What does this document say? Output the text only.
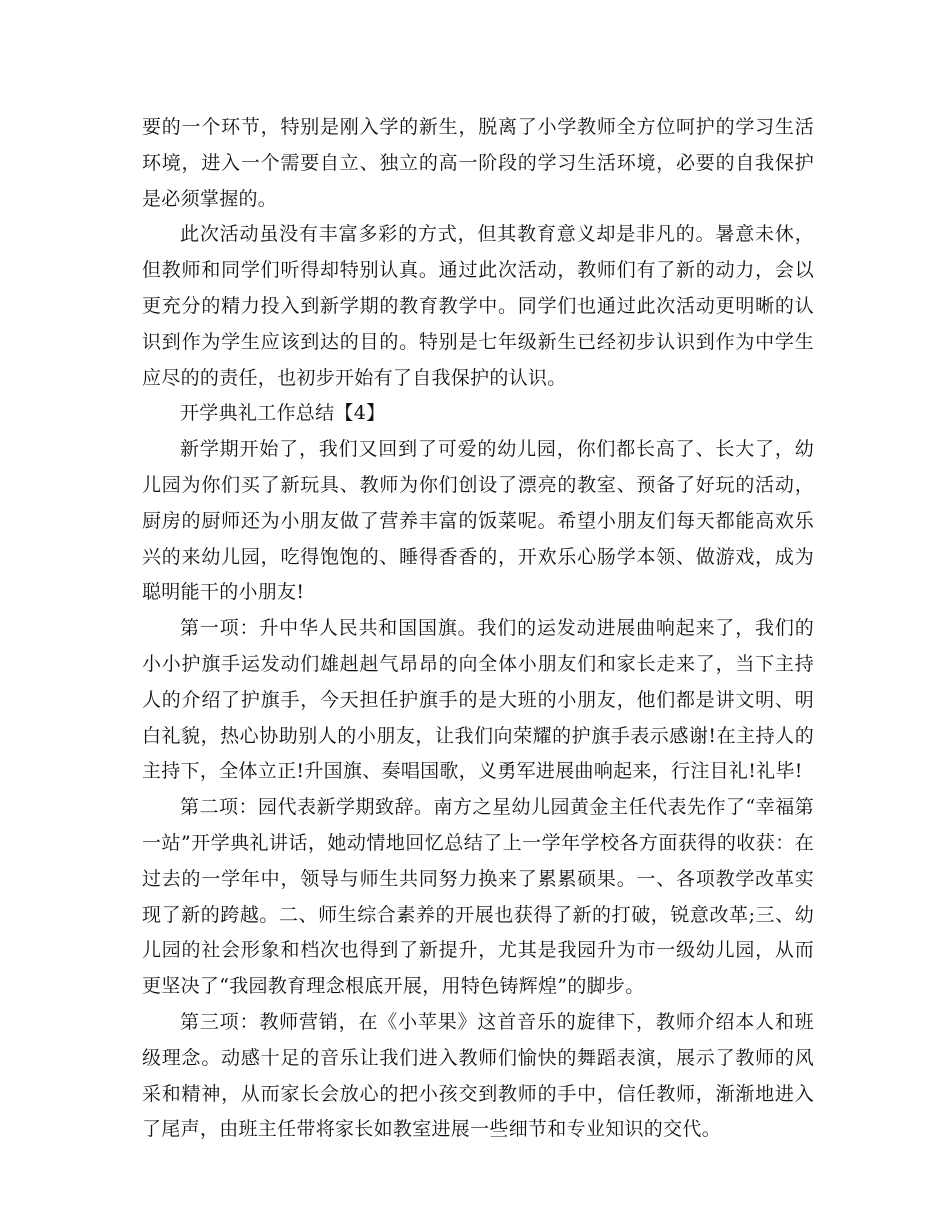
要的一个环节，特别是刚入学的新生，脱离了小学教师全方位呵护的学习生活环境，进入一个需要自立、独立的高一阶段的学习生活环境，必要的自我保护是必须掌握的。

此次活动虽没有丰富多彩的方式，但其教育意义却是非凡的。暑意未休，但教师和同学们听得却特别认真。通过此次活动，教师们有了新的动力，会以更充分的精力投入到新学期的教育教学中。同学们也通过此次活动更明晰的认识到作为学生应该到达的目的。特别是七年级新生已经初步认识到作为中学生应尽的的责任，也初步开始有了自我保护的认识。

开学典礼工作总结【4】

新学期开始了，我们又回到了可爱的幼儿园，你们都长高了、长大了，幼儿园为你们买了新玩具、教师为你们创设了漂亮的教室、预备了好玩的活动，厨房的厨师还为小朋友做了营养丰富的饭菜呢。希望小朋友们每天都能高欢乐兴的来幼儿园，吃得饱饱的、睡得香香的，开欢乐心肠学本领、做游戏，成为聪明能干的小朋友!

第一项：升中华人民共和国国旗。我们的运发动进展曲响起来了，我们的小小护旗手运发动们雄赳赳气昂昂的向全体小朋友们和家长走来了，当下主持人的介绍了护旗手，今天担任护旗手的是大班的小朋友，他们都是讲文明、明白礼貌，热心协助别人的小朋友，让我们向荣耀的护旗手表示感谢!在主持人的主持下，全体立正!升国旗、奏唱国歌，义勇军进展曲响起来，行注目礼!礼毕!

第二项：园代表新学期致辞。南方之星幼儿园黄金主任代表先作了“幸福第一站”开学典礼讲话，她动情地回忆总结了上一学年学校各方面获得的收获：在过去的一学年中，领导与师生共同努力换来了累累硕果。一、各项教学改革实现了新的跨越。二、师生综合素养的开展也获得了新的打破，锐意改革;三、幼儿园的社会形象和档次也得到了新提升，尤其是我园升为市一级幼儿园，从而更坚决了“我园教育理念根底开展，用特色铸辉煌”的脚步。

第三项：教师营销，在《小苹果》这首音乐的旋律下，教师介绍本人和班级理念。动感十足的音乐让我们进入教师们愉快的舞蹈表演，展示了教师的风采和精神，从而家长会放心的把小孩交到教师的手中，信任教师，渐渐地进入了尾声，由班主任带将家长如教室进展一些细节和专业知识的交代。
